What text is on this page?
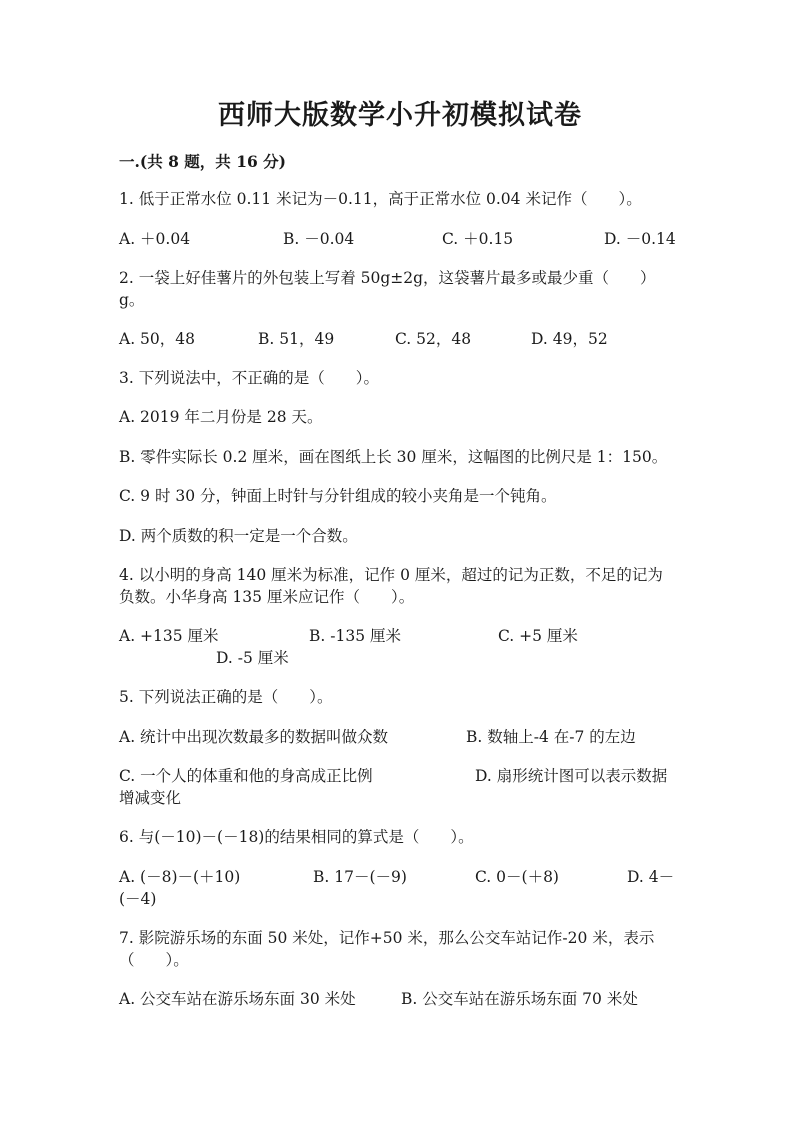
西师大版数学小升初模拟试卷
一.(共 8 题，共 16 分)
1. 低于正常水位 0.11 米记为－0.11，高于正常水位 0.04 米记作（　　）。
A. ＋0.04	B. －0.04	C. ＋0.15	D. －0.14
2. 一袋上好佳薯片的外包装上写着 50g±2g，这袋薯片最多或最少重（　　）
g。
A. 50，48	B. 51，49	C. 52，48	D. 49，52
3. 下列说法中，不正确的是（　　）。
A. 2019 年二月份是 28 天。
B. 零件实际长 0.2 厘米，画在图纸上长 30 厘米，这幅图的比例尺是 1：150。
C. 9 时 30 分，钟面上时针与分针组成的较小夹角是一个钝角。
D. 两个质数的积一定是一个合数。
4. 以小明的身高 140 厘米为标准，记作 0 厘米，超过的记为正数，不足的记为
负数。小华身高 135 厘米应记作（　　）。
A. +135 厘米	B. -135 厘米	C. +5 厘米
D. -5 厘米
5. 下列说法正确的是（　　）。
A. 统计中出现次数最多的数据叫做众数	B. 数轴上-4 在-7 的左边
C. 一个人的体重和他的身高成正比例	D. 扇形统计图可以表示数据
增减变化
6. 与(－10)－(－18)的结果相同的算式是（　　）。
A. (－8)－(＋10)	B. 17－(－9)	C. 0－(＋8)	D. 4－
(－4)
7. 影院游乐场的东面 50 米处，记作+50 米，那么公交车站记作-20 米，表示
（　　）。
A. 公交车站在游乐场东面 30 米处	B. 公交车站在游乐场东面 70 米处
